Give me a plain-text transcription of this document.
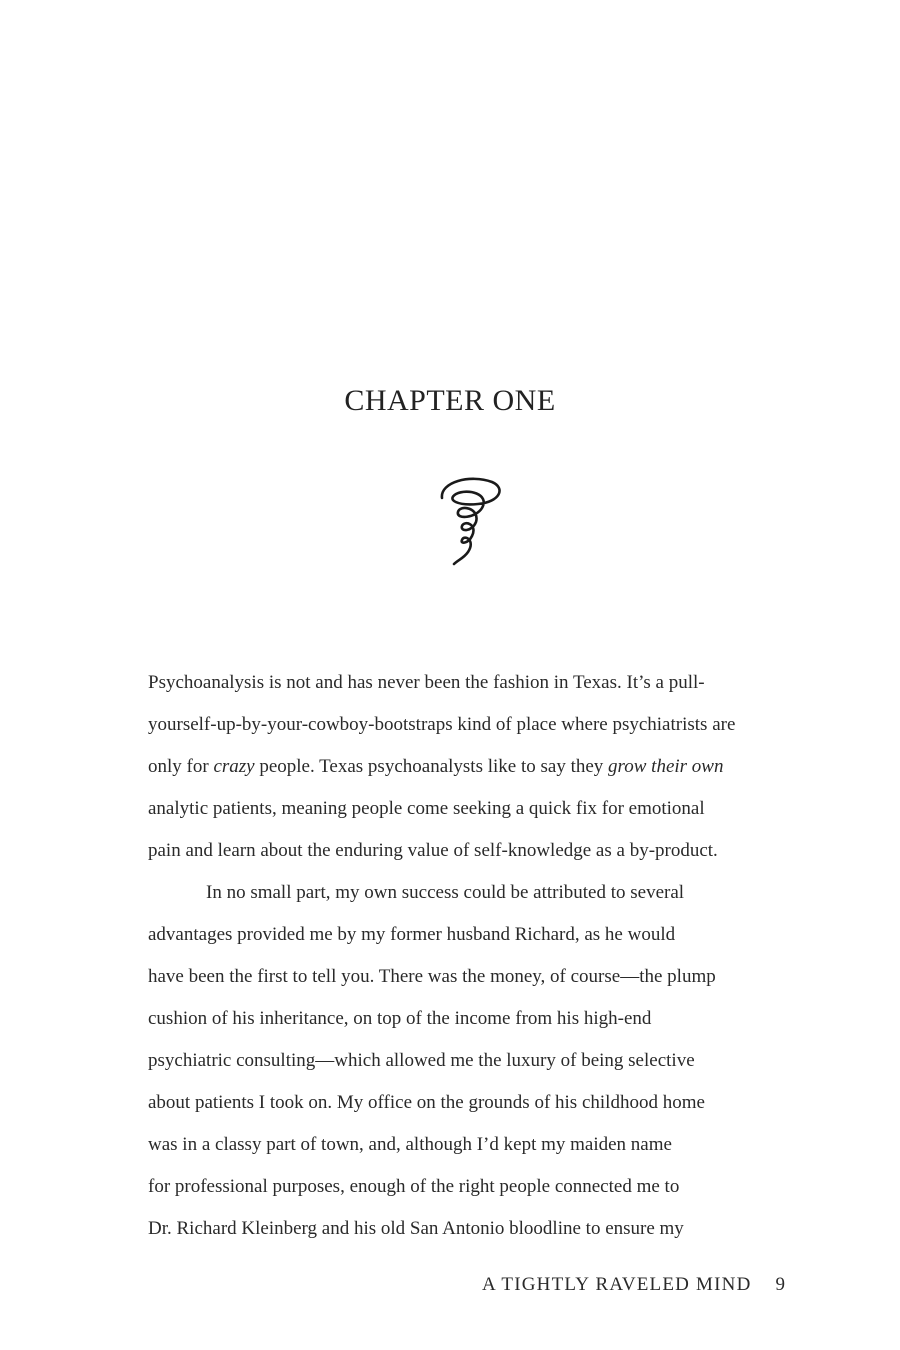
CHAPTER ONE
Psychoanalysis is not and has never been the fashion in Texas. It’s a pull-
yourself-up-by-your-cowboy-bootstraps kind of place where psychiatrists are
only for crazy people. Texas psychoanalysts like to say they grow their own
analytic patients, meaning people come seeking a quick fix for emotional
pain and learn about the enduring value of self-knowledge as a by-product.
In no small part, my own success could be attributed to several
advantages provided me by my former husband Richard, as he would
have been the first to tell you. There was the money, of course—the plump
cushion of his inheritance, on top of the income from his high-end
psychiatric consulting—which allowed me the luxury of being selective
about patients I took on. My office on the grounds of his childhood home
was in a classy part of town, and, although I’d kept my maiden name
for professional purposes, enough of the right people connected me to
Dr. Richard Kleinberg and his old San Antonio bloodline to ensure my
A TIGHTLY RAVELED MIND 9
